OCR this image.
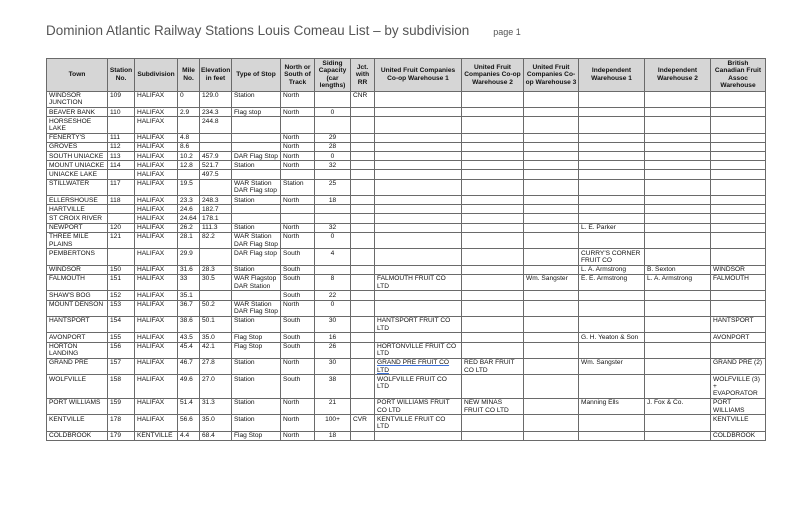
Dominion Atlantic Railway Stations Louis Comeau List – by subdivision	page 1
Town	Station No.	Subdivision	Mile No.	Elevation in feet	Type of Stop	North or South of Track	Siding Capacity (car lengths)	Jct. with RR	United Fruit Companies Co-op Warehouse 1	United Fruit Companies Co-op Warehouse 2	United Fruit Companies Co-op Warehouse 3	Independent Warehouse 1	Independent Warehouse 2	British Canadian Fruit Assoc Warehouse
WINDSOR JUNCTION	109	HALIFAX	0	129.0	Station	North		CNR						
BEAVER BANK	110	HALIFAX	2.9	234.3	Flag stop	North	0							
HORSESHOE LAKE		HALIFAX		244.8										
FENERTY'S	111	HALIFAX	4.8			North	29							
GROVES	112	HALIFAX	8.6			North	28							
SOUTH UNIACKE	113	HALIFAX	10.2	457.9	DAR Flag Stop	North	0							
MOUNT UNIACKE	114	HALIFAX	12.8	521.7	Station	North	32							
UNIACKE LAKE		HALIFAX		497.5										
STILLWATER	117	HALIFAX	19.5		WAR Station DAR Flag stop	Station	25							
ELLERSHOUSE	118	HALIFAX	23.3	248.3	Station	North	18							
HARTVILLE		HALIFAX	24.6	182.7										
ST CROIX RIVER		HALIFAX	24.64	178.1										
NEWPORT	120	HALIFAX	26.2	111.3	Station	North	32					L. E. Parker		
THREE MILE PLAINS	121	HALIFAX	28.1	82.2	WAR Station DAR Flag Stop	North	0							
PEMBERTONS		HALIFAX	29.9		DAR Flag stop	South	4					CURRY'S CORNER FRUIT CO		
WINDSOR	150	HALIFAX	31.6	28.3	Station	South						L. A. Armstrong	B. Sexton	WINDSOR
FALMOUTH	151	HALIFAX	33	30.5	WAR Flagstop DAR Station	South	8		FALMOUTH FRUIT CO LTD		Wm. Sangster	E. E. Armstrong	L. A. Armstrong	FALMOUTH
SHAW'S BOG	152	HALIFAX	35.1			South	22							
MOUNT DENSON	153	HALIFAX	36.7	50.2	WAR Station DAR Flag Stop	North	0							
HANTSPORT	154	HALIFAX	38.6	50.1	Station	South	30		HANTSPORT FRUIT CO LTD					HANTSPORT
AVONPORT	155	HALIFAX	43.5	35.0	Flag Stop	South	16					G. H. Yeaton & Son		AVONPORT
HORTON LANDING	156	HALIFAX	45.4	42.1	Flag Stop	South	26		HORTONVILLE FRUIT CO LTD					
GRAND PRE	157	HALIFAX	46.7	27.8	Station	North	30		GRAND PRE FRUIT CO LTD	RED BAR FRUIT CO LTD		Wm. Sangster		GRAND PRE (2)
WOLFVILLE	158	HALIFAX	49.6	27.0	Station	South	38		WOLFVILLE FRUIT CO LTD					WOLFVILLE (3) + EVAPORATOR
PORT WILLIAMS	159	HALIFAX	51.4	31.3	Station	North	21		PORT WILLIAMS FRUIT CO LTD	NEW MINAS FRUIT CO LTD		Manning Ells	J. Fox & Co.	PORT WILLIAMS
KENTVILLE	178	HALIFAX	56.6	35.0	Station	North	100+	CVR	KENTVILLE FRUIT CO LTD					KENTVILLE
COLDBROOK	179	KENTVILLE	4.4	68.4	Flag Stop	North	18							COLDBROOK
